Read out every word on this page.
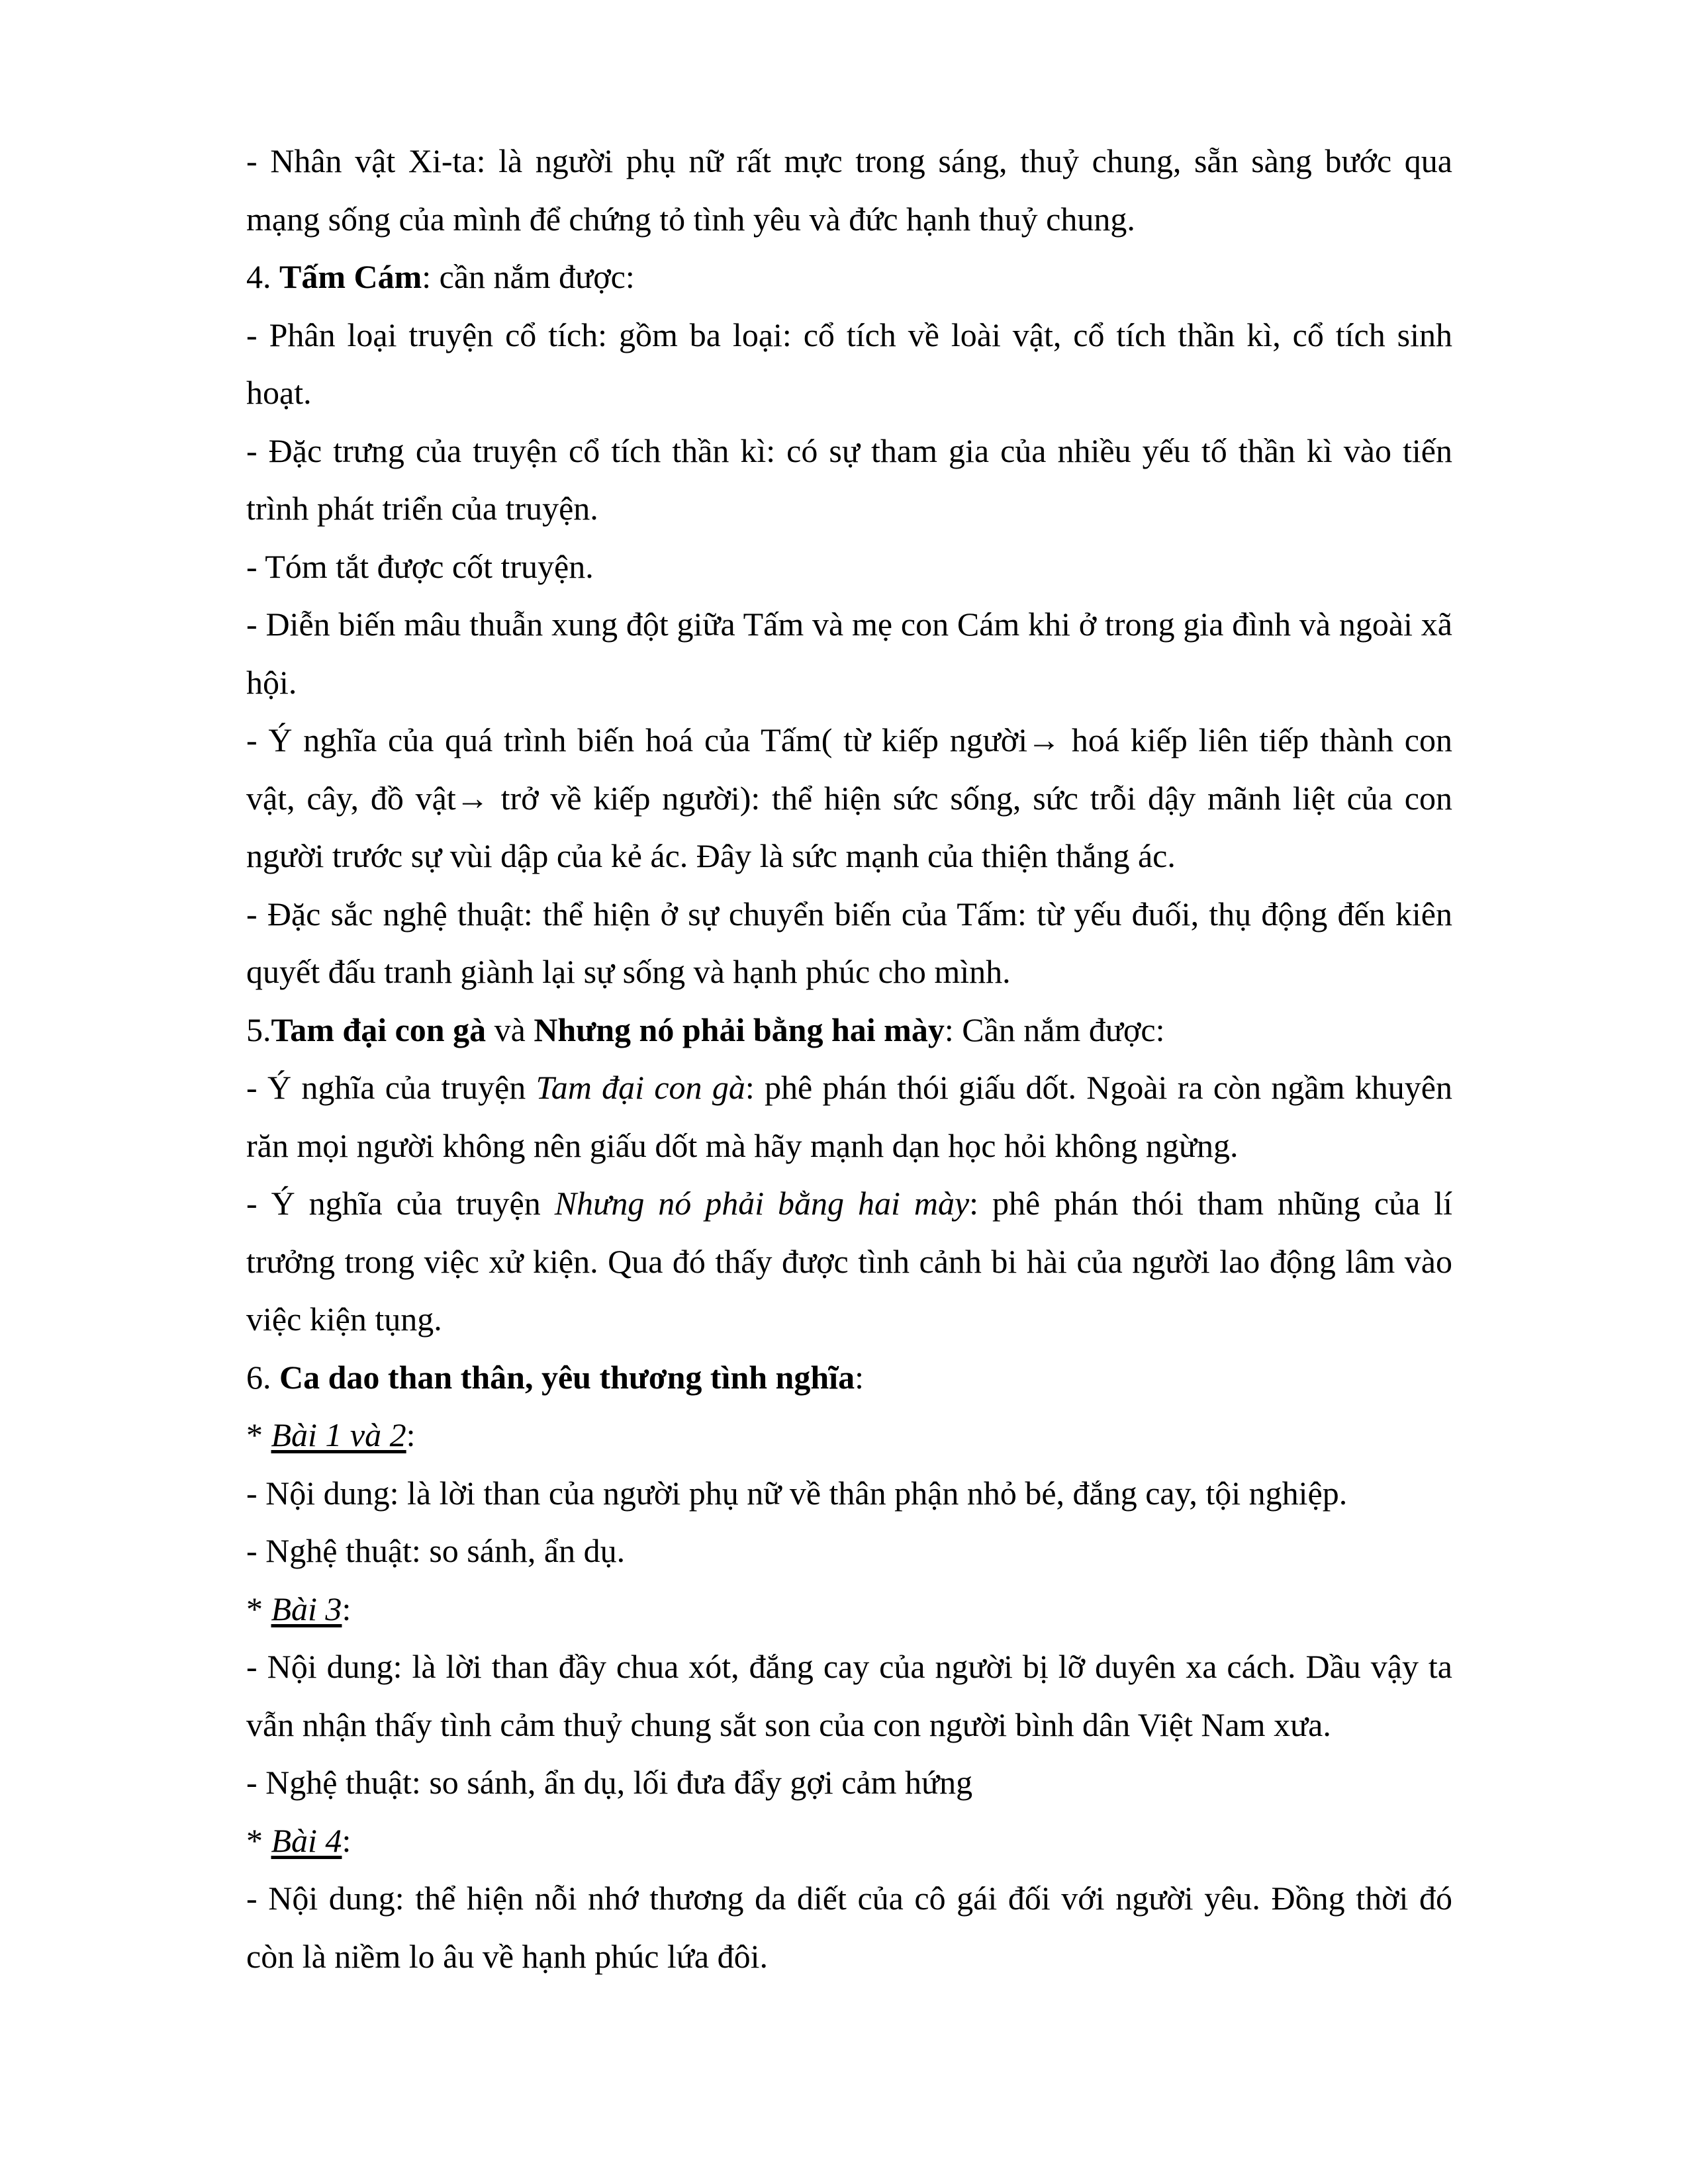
- Nhân vật Xi-ta: là người phụ nữ rất mực trong sáng, thuỷ chung, sẵn sàng bước qua mạng sống của mình để chứng tỏ tình yêu và đức hạnh thuỷ chung.

4. Tấm Cám: cần nắm được:

- Phân loại truyện cổ tích: gồm ba loại: cổ tích về loài vật, cổ tích thần kì, cổ tích sinh hoạt.

- Đặc trưng của truyện cổ tích thần kì: có sự tham gia của nhiều yếu tố thần kì vào tiến trình phát triển của truyện.

- Tóm tắt được cốt truyện.

- Diễn biến mâu thuẫn xung đột giữa Tấm và mẹ con Cám khi ở trong gia đình và ngoài xã hội.

- Ý nghĩa của quá trình biến hoá của Tấm( từ kiếp người→ hoá kiếp liên tiếp thành con vật, cây, đồ vật→ trở về kiếp người): thể hiện sức sống, sức trỗi dậy mãnh liệt của con người trước sự vùi dập của kẻ ác. Đây là sức mạnh của thiện thắng ác.

- Đặc sắc nghệ thuật: thể hiện ở sự chuyển biến của Tấm: từ yếu đuối, thụ động đến kiên quyết đấu tranh giành lại sự sống và hạnh phúc cho mình.

5.Tam đại con gà và Nhưng nó phải bằng hai mày: Cần nắm được:

- Ý nghĩa của truyện Tam đại con gà: phê phán thói giấu dốt. Ngoài ra còn ngầm khuyên răn mọi người không nên giấu dốt mà hãy mạnh dạn học hỏi không ngừng.

- Ý nghĩa của truyện Nhưng nó phải bằng hai mày: phê phán thói tham nhũng của lí trưởng trong việc xử kiện. Qua đó thấy được tình cảnh bi hài của người lao động lâm vào việc kiện tụng.

6. Ca dao than thân, yêu thương tình nghĩa:

* Bài 1 và 2:

- Nội dung: là lời than của người phụ nữ về thân phận nhỏ bé, đắng cay, tội nghiệp.

- Nghệ thuật: so sánh, ẩn dụ.

* Bài 3:

- Nội dung: là lời than đầy chua xót, đắng cay của người bị lỡ duyên xa cách. Dầu vậy ta vẫn nhận thấy tình cảm thuỷ chung sắt son của con người bình dân Việt Nam xưa.

- Nghệ thuật: so sánh, ẩn dụ, lối đưa đẩy gợi cảm hứng

* Bài 4:

- Nội dung: thể hiện nỗi nhớ thương da diết của cô gái đối với người yêu. Đồng thời đó còn là niềm lo âu về hạnh phúc lứa đôi.
